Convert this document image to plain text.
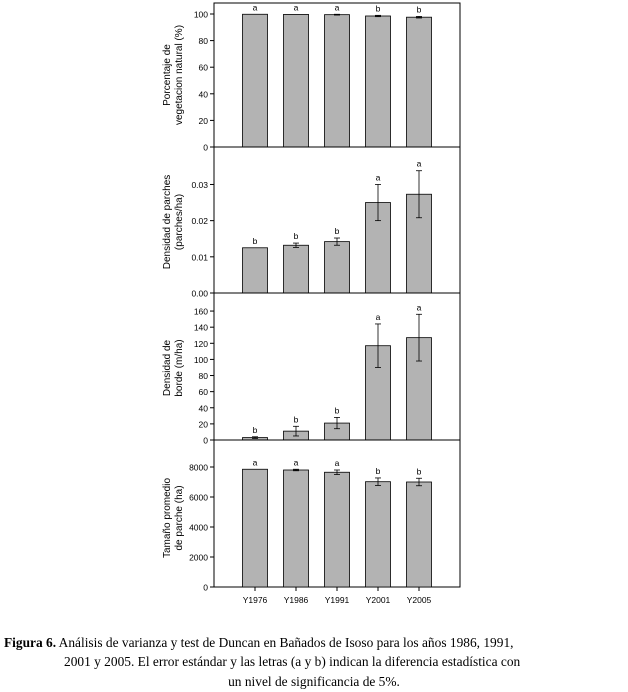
0
20
40
60
80
100
Porcentaje devegetacion natural (%)
a	a	a	b	b
0.00
0.01
0.02
0.03
Densidad de parches(parches/ha)	b	b
b
a
a
0
20
40
60
80
100
120
140
160
Densidad deborde (m/ha)
b
b
b
a
a
0
2000
4000
6000
8000
Tamaño promediode parche (ha)
a	a	a
b	b
Y1976 Y1986 Y1991 Y2001 Y2005
Figura 6. Análisis de varianza y test de Duncan en Bañados de Isoso para los años 1986, 1991,
2001 y 2005. El error estándar y las letras (a y b) indican la diferencia estadística con
un nivel de significancia de 5%.
